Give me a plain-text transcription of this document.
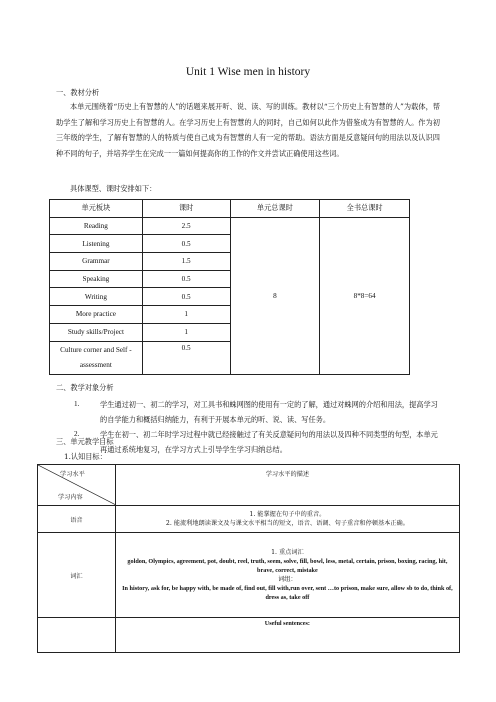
Unit 1 Wise men in history
一、教材分析
本单元围绕着“历史上有智慧的人”的话题来展开听、说、读、写的训练。教材以“三个历史上有智慧的人”为载体，帮助学生了解和学习历史上有智慧的人。在学习历史上有智慧的人的同时，自己如何以此作为借鉴成为有智慧的人。作为初三年级的学生，了解有智慧的人的特质与使自己成为有智慧的人有一定的帮助。语法方面是反意疑问句的用法以及认识四种不同的句子，并培养学生在完成一一篇如何提高你的工作的作文并尝试正确使用这些词。
具体课型、课时安排如下：
单元板块	课时	单元总课时	全书总课时
Reading	2.5	8	8*8=64
Listening	0.5		
Grammar	1.5		
Speaking	0.5		
Writing	0.5		
More practice	1		
Study skills/Project	1		
Culture corner and Self -assessment	0.5		
二、教学对象分析
1.	学生通过初一、初二的学习，对工具书和蛛网图的使用有一定的了解，通过对蛛网的介绍和用法，提高学习的自学能力和概括归纳能力，有利于开展本单元的听、说、读、写任务。
2.	学生在初一、初二年时学习过程中就已经接触过了有关反意疑问句的用法以及四种不同类型的句型，本单元再通过系统地复习，在学习方式上引导学生学习归纳总结。
三、单元教学目标
1.认知目标：
学习水平
学习内容	学习水平的描述
语音	1. 能掌握在句子中的重音。
2. 能流利地朗读课文及与课文水平相当的短文，语音、语调、句子重音和停顿基本正确。

词汇	1. 重点词汇
goldon, Olympics, agreement, pot, doubt, reel, truth, seem, solve, fill, bowl, less, metal, certain, prison, boxing, racing, hit, brave, correct, mistake
词组：
In history, ask for, be happy with, be made of, find out, fill with,run over, sent …to prison, make sure, allow sb to do, think of, dress as, take off

	Useful sentences:
